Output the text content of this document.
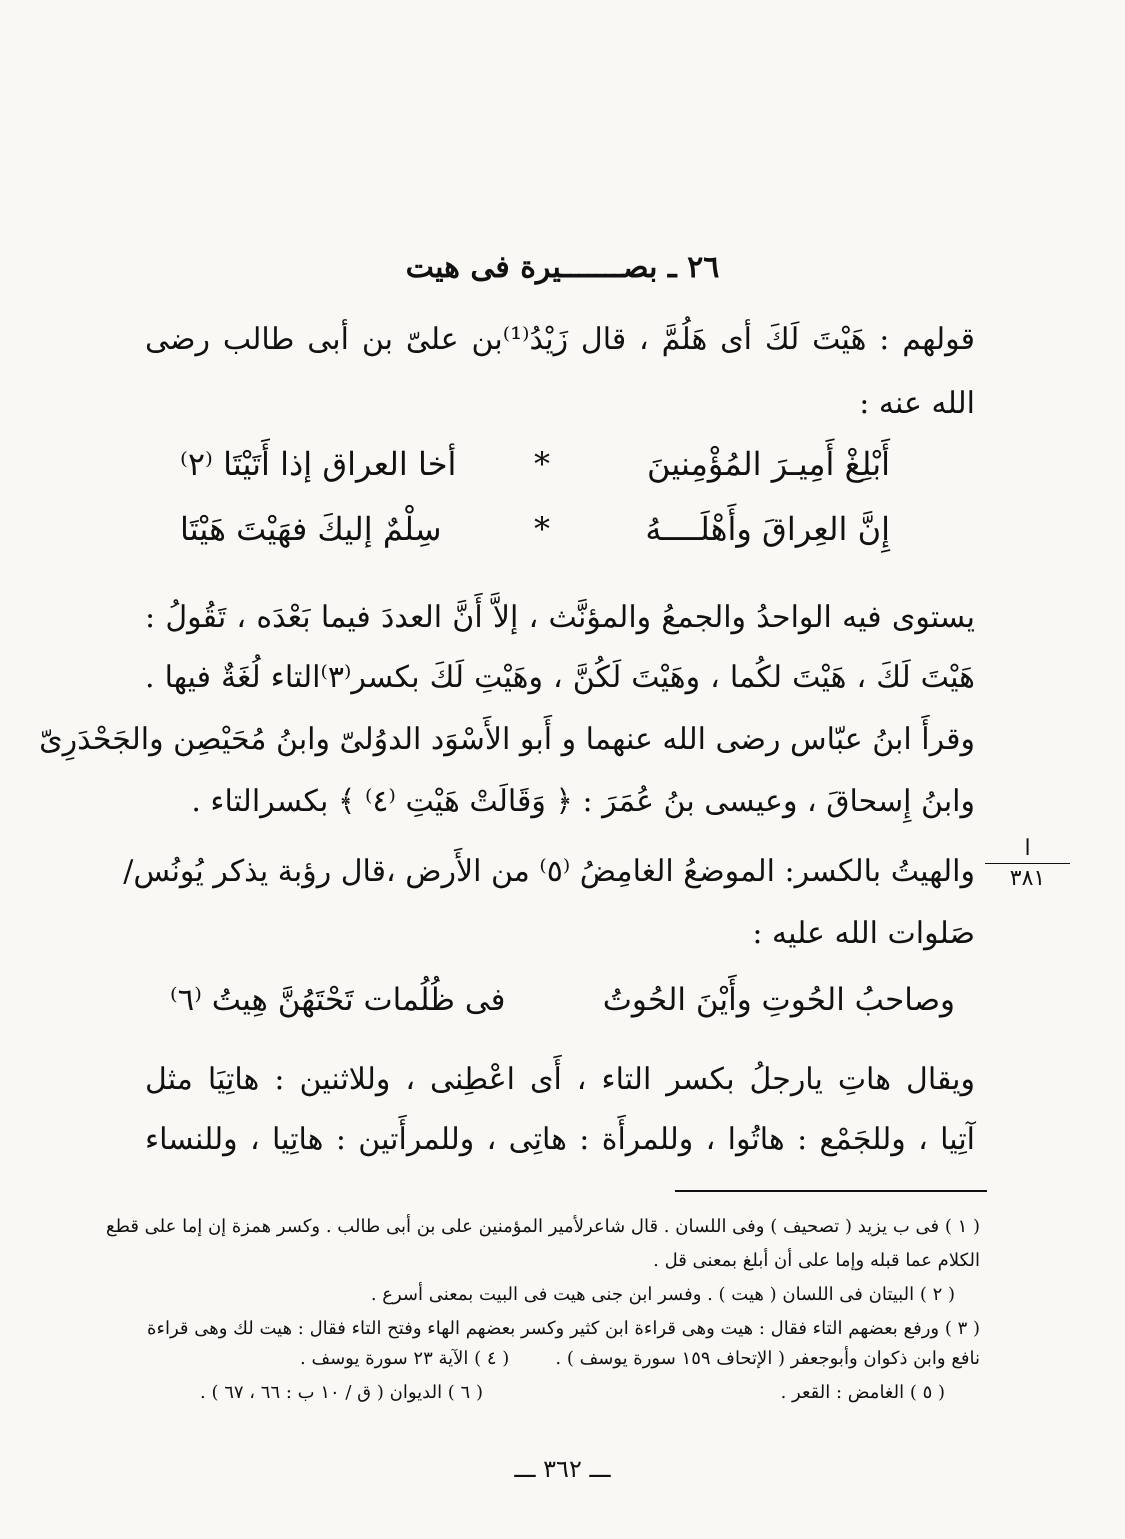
٢٦ ـ بصـــــــيرة فى هيت
قولهم : هَيْتَ لَكَ أى هَلُمَّ ، قال زَيْدُ⁽¹⁾بن علىّ بن أبى طالب رضى
الله عنه :
أَبْلِغْ أَمِيـرَ المُؤْمِنينَ
*
أخا العراق إذا أَتَيْتَا ⁽٢⁾
إِنَّ العِراقَ وأَهْلَــــهُ
*
سِلْمٌ إليكَ فهَيْتَ هَيْتَا
يستوى فيه الواحدُ والجمعُ والمؤنَّث ، إلاَّ أَنَّ العددَ فيما بَعْدَه ، تَقُولُ :
هَيْتَ لَكَ ، هَيْتَ لكُما ، وهَيْتَ لَكُنَّ ، وهَيْتِ لَكَ بكسر⁽٣⁾التاء لُغَةٌ فيها .
وقرأَ ابنُ عبّاس رضى الله عنهما و أَبو الأَسْوَد الدوُلىّ وابنُ مُحَيْصِن والجَحْدَرِىّ
وابنُ إِسحاقَ ، وعيسى بنُ عُمَرَ : ﴿ وَقَالَتْ هَيْتِ ⁽٤⁾ ﴾ بكسرالتاء .
والهيتُ بالكسر: الموضعُ الغامِضُ ⁽٥⁾ من الأَرض ،قال رؤبة يذكر يُونُس/
صَلوات الله عليه :
ا
٣٨١
وصاحبُ الحُوتِ وأَيْنَ الحُوتُ
فى ظُلُمات تَحْتَهُنَّ هِيتُ ⁽٦⁾
ويقال هاتِ يارجلُ بكسر التاء ، أَى اعْطِنى ، وللاثنين : هاتِيَا مثل
آتِيا ، وللجَمْع : هاتُوا ، وللمرأَة : هاتِى ، وللمرأَتين : هاتِيا ، وللنساء
( ١ ) فى ب يزيد ( تصحيف ) وفى اللسان . قال شاعرلأمير المؤمنين على بن أبى طالب . وكسر همزة إن إما على قطع
الكلام عما قبله وإما على أن أبلغ بمعنى قل .
( ٢ ) البيتان فى اللسان ( هيت ) . وفسر ابن جنى هيت فى البيت بمعنى أسرع .
( ٣ ) ورفع بعضهم التاء فقال : هيت وهى قراءة ابن كثير وكسر بعضهم الهاء وفتح التاء فقال : هيت لك وهى قراءة
نافع وابن ذكوان وأبوجعفر ( الإتحاف ١٥٩ سورة يوسف ) .
( ٤ ) الآية ٢٣ سورة يوسف .
( ٥ ) الغامض : القعر .
( ٦ ) الديوان ( ق / ١٠ ب : ٦٦ ، ٦٧ ) .
ـــ ٣٦٢ ـــ
